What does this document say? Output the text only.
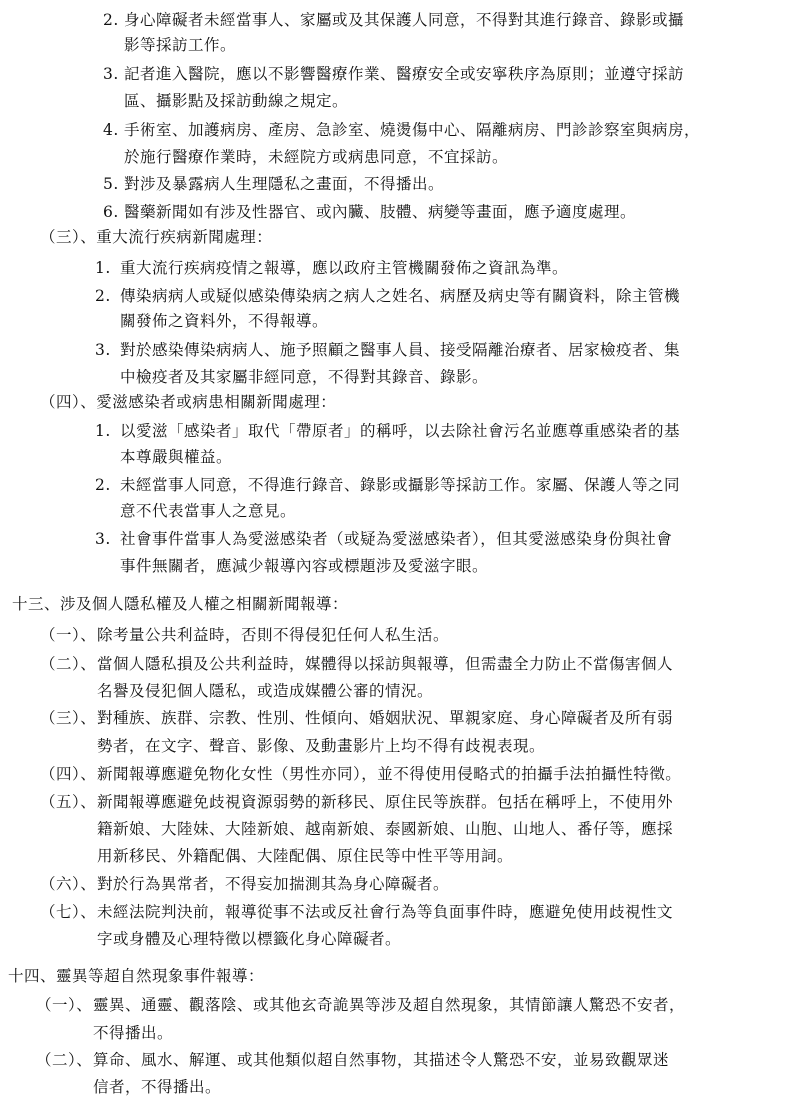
2. 身心障礙者未經當事人、家屬或及其保護人同意，不得對其進行錄音、錄影或攝
影等採訪工作。
3. 記者進入醫院，應以不影響醫療作業、醫療安全或安寧秩序為原則；並遵守採訪
區、攝影點及採訪動線之規定。
4. 手術室、加護病房、產房、急診室、燒燙傷中心、隔離病房、門診診察室與病房，
於施行醫療作業時，未經院方或病患同意，不宜採訪。
5. 對涉及暴露病人生理隱私之畫面，不得播出。
6. 醫藥新聞如有涉及性器官、或內臟、肢體、病變等畫面，應予適度處理。
（三）、重大流行疾病新聞處理：
1. 重大流行疾病疫情之報導，應以政府主管機關發佈之資訊為準。
2. 傳染病病人或疑似感染傳染病之病人之姓名、病歷及病史等有關資料，除主管機
關發佈之資料外，不得報導。
3. 對於感染傳染病病人、施予照顧之醫事人員、接受隔離治療者、居家檢疫者、集
中檢疫者及其家屬非經同意，不得對其錄音、錄影。
（四）、愛滋感染者或病患相關新聞處理：
1. 以愛滋「感染者」取代「帶原者」的稱呼，以去除社會污名並應尊重感染者的基
本尊嚴與權益。
2. 未經當事人同意，不得進行錄音、錄影或攝影等採訪工作。家屬、保護人等之同
意不代表當事人之意見。
3. 社會事件當事人為愛滋感染者（或疑為愛滋感染者），但其愛滋感染身份與社會
事件無關者，應減少報導內容或標題涉及愛滋字眼。
十三、涉及個人隱私權及人權之相關新聞報導：
（一）、 除考量公共利益時，否則不得侵犯任何人私生活。
（二）、 當個人隱私損及公共利益時，媒體得以採訪與報導，但需盡全力防止不當傷害個人
名譽及侵犯個人隱私，或造成媒體公審的情況。
（三）、 對種族、族群、宗教、性別、性傾向、婚姻狀況、單親家庭、身心障礙者及所有弱
勢者，在文字、聲音、影像、及動畫影片上均不得有歧視表現。
（四）、 新聞報導應避免物化女性（男性亦同），並不得使用侵略式的拍攝手法拍攝性特徵。
（五）、 新聞報導應避免歧視資源弱勢的新移民、原住民等族群。包括在稱呼上，不使用外
籍新娘、大陸妹、大陸新娘、越南新娘、泰國新娘、山胞、山地人、番仔等，應採
用新移民、外籍配偶、大陸配偶、原住民等中性平等用詞。
（六）、 對於行為異常者，不得妄加揣測其為身心障礙者。
（七）、 未經法院判決前，報導從事不法或反社會行為等負面事件時，應避免使用歧視性文
字或身體及心理特徵以標籤化身心障礙者。
十四、靈異等超自然現象事件報導：
（一）、 靈異、通靈、觀落陰、或其他玄奇詭異等涉及超自然現象，其情節讓人驚恐不安者，
不得播出。
（二）、 算命、風水、解運、或其他類似超自然事物，其描述令人驚恐不安，並易致觀眾迷
信者，不得播出。
